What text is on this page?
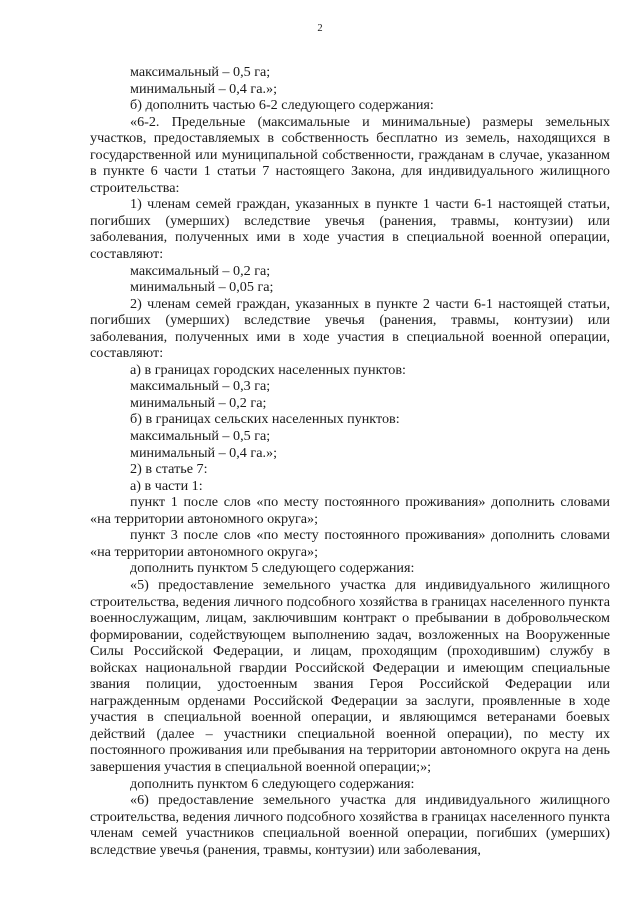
2

максимальный – 0,5 га;

минимальный – 0,4 га.»;

б) дополнить частью 6-2 следующего содержания:

«6-2. Предельные (максимальные и минимальные) размеры земельных участков, предоставляемых в собственность бесплатно из земель, находящихся в государственной или муниципальной собственности, гражданам в случае, указанном в пункте 6 части 1 статьи 7 настоящего Закона, для индивидуального жилищного строительства:

1) членам семей граждан, указанных в пункте 1 части 6-1 настоящей статьи, погибших (умерших) вследствие увечья (ранения, травмы, контузии) или заболевания, полученных ими в ходе участия в специальной военной операции, составляют:

максимальный – 0,2 га;

минимальный – 0,05 га;

2) членам семей граждан, указанных в пункте 2 части 6-1 настоящей статьи, погибших (умерших) вследствие увечья (ранения, травмы, контузии) или заболевания, полученных ими в ходе участия в специальной военной операции, составляют:

а) в границах городских населенных пунктов:

максимальный – 0,3 га;

минимальный – 0,2 га;

б) в границах сельских населенных пунктов:

максимальный – 0,5 га;

минимальный – 0,4 га.»;

2) в статье 7:

а) в части 1:

пункт 1 после слов «по месту постоянного проживания» дополнить словами «на территории автономного округа»;

пункт 3 после слов «по месту постоянного проживания» дополнить словами «на территории автономного округа»;

дополнить пунктом 5 следующего содержания:

«5) предоставление земельного участка для индивидуального жилищного строительства, ведения личного подсобного хозяйства в границах населенного пункта военнослужащим, лицам, заключившим контракт о пребывании в добровольческом формировании, содействующем выполнению задач, возложенных на Вооруженные Силы Российской Федерации, и лицам, проходящим (проходившим) службу в войсках национальной гвардии Российской Федерации и имеющим специальные звания полиции, удостоенным звания Героя Российской Федерации или награжденным орденами Российской Федерации за заслуги, проявленные в ходе участия в специальной военной операции, и являющимся ветеранами боевых действий (далее – участники специальной военной операции), по месту их постоянного проживания или пребывания на территории автономного округа на день завершения участия в специальной военной операции;»;

дополнить пунктом 6 следующего содержания:

«6) предоставление земельного участка для индивидуального жилищного строительства, ведения личного подсобного хозяйства в границах населенного пункта членам семей участников специальной военной операции, погибших (умерших) вследствие увечья (ранения, травмы, контузии) или заболевания,
